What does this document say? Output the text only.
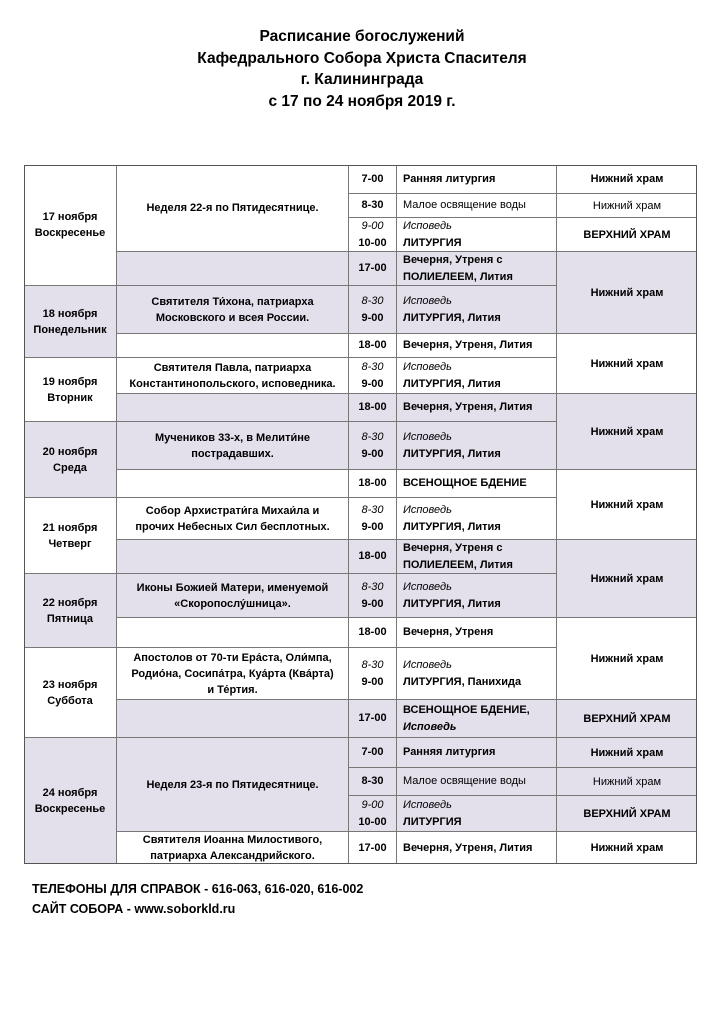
Расписание богослужений
Кафедрального Собора Христа Спасителя
г. Калининграда
с 17 по 24 ноября 2019 г.
17 ноября
Воскресенье
18 ноября
Понедельник
19 ноября
Вторник
20 ноября
Среда
21 ноября
Четверг
22 ноября
Пятница
23 ноября
Суббота
24 ноября
Воскресенье
Неделя 22-я по Пятидесятнице.
Святителя Ти́хона, патриарха
Московского и всея России.
Святителя Павла, патриарха
Константинопольского, исповедника.
Мучеников 33-х, в Мелити́не
пострадавших.
Собор Архистрати́га Михаи́ла и
прочих Небесных Сил бесплотных.
Иконы Божией Матери, именуемой
«Скоропослу́шница».
Апостолов от 70-ти Ера́ста, Оли́мпа,
Родио́на, Сосипа́тра, Куа́рта (Ква́рта)
и Те́ртия.
Неделя 23-я по Пятидесятнице.
Святителя Иоанна Милостивого,
патриарха Александрийского.
7-00 Ранняя литургия
8-30 Малое освящение воды
9-00
10-00
Исповедь
ЛИТУРГИЯ
17-00
Вечерня, Утреня с
ПОЛИЕЛЕЕМ, Лития
8-30
9-00
Исповедь
ЛИТУРГИЯ, Лития
18-00 Вечерня, Утреня, Лития
8-30
9-00
Исповедь
ЛИТУРГИЯ, Лития
18-00 Вечерня, Утреня, Лития
8-30
9-00
Исповедь
ЛИТУРГИЯ, Лития
18-00 ВСЕНОЩНОЕ БДЕНИЕ
8-30
9-00
Исповедь
ЛИТУРГИЯ, Лития
18-00
Вечерня, Утреня с
ПОЛИЕЛЕЕМ, Лития
8-30
9-00
Исповедь
ЛИТУРГИЯ, Лития
18-00 Вечерня, Утреня
8-30
9-00
Исповедь
ЛИТУРГИЯ, Панихида
17-00
ВСЕНОЩНОЕ БДЕНИЕ,
Исповедь
7-00 Ранняя литургия
8-30 Малое освящение воды
9-00
10-00
Исповедь
ЛИТУРГИЯ
17-00 Вечерня, Утреня, Лития
Нижний храм
Нижний храм
ВЕРХНИЙ ХРАМ
Нижний храм
Нижний храм
Нижний храм
Нижний храм
Нижний храм
Нижний храм
ВЕРХНИЙ ХРАМ
Нижний храм
Нижний храм
ВЕРХНИЙ ХРАМ
Нижний храм
ТЕЛЕФОНЫ ДЛЯ СПРАВОК - 616-063, 616-020, 616-002
САЙТ СОБОРА - www.soborkld.ru
